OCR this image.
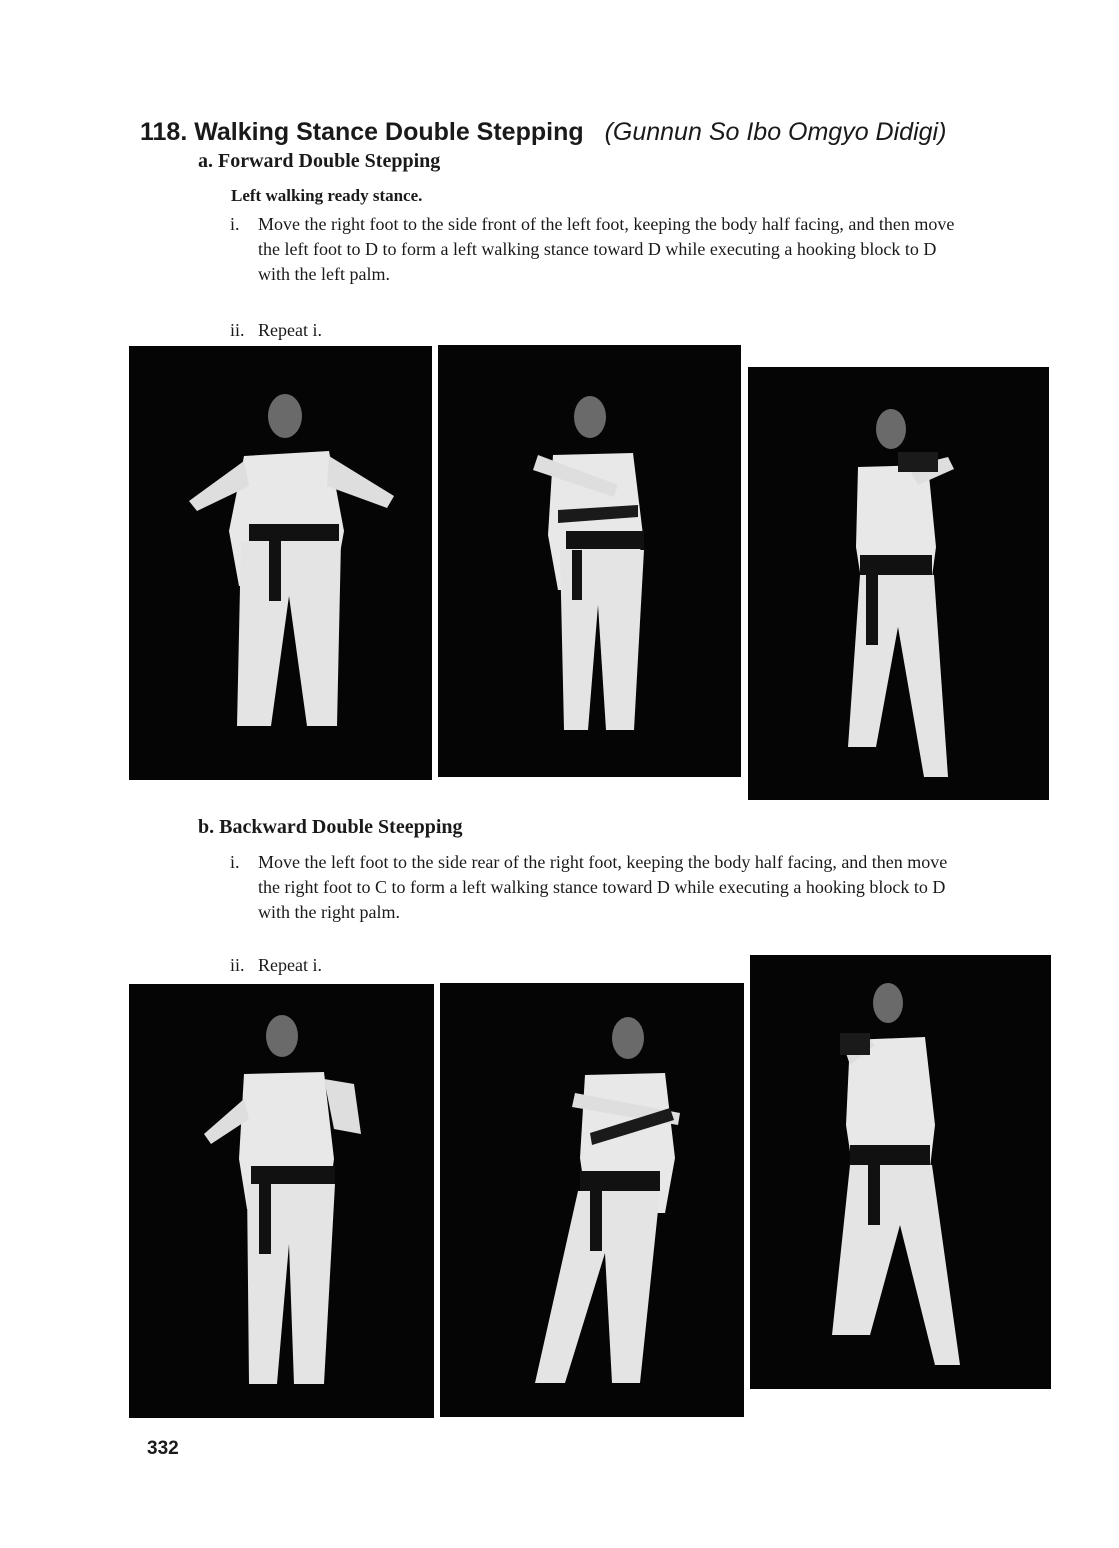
118. Walking Stance Double Stepping (Gunnun So Ibo Omgyo Didigi)
a. Forward Double Stepping
Left walking ready stance.
i. Move the right foot to the side front of the left foot, keeping the body half facing, and then move the left foot to D to form a left walking stance toward D while executing a hooking block to D with the left palm.
ii. Repeat i.
b. Backward Double Steepping
i. Move the left foot to the side rear of the right foot, keeping the body half facing, and then move the right foot to C to form a left walking stance toward D while executing a hooking block to D with the right palm.
ii. Repeat i.
332
